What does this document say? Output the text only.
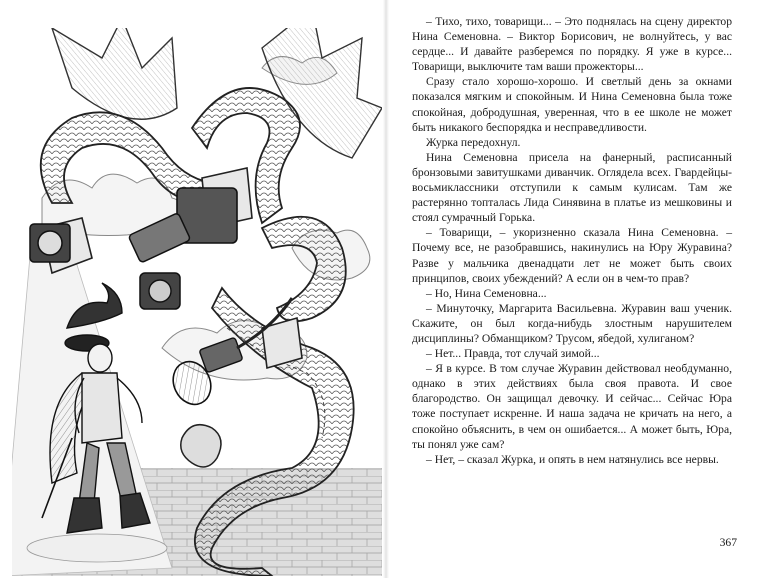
– Тихо, тихо, товарищи... – Это поднялась на сцену директор Нина Семеновна. – Виктор Борисович, не волнуйтесь, у вас сердце... И давайте разберемся по порядку. Я уже в курсе... Товарищи, выключите там ваши прожекторы...

Сразу стало хорошо-хорошо. И светлый день за окнами показался мягким и спокойным. И Нина Семеновна была тоже спокойная, добродушная, уверенная, что в ее школе не может быть никакого беспорядка и несправедливости.

Журка передохнул.

Нина Семеновна присела на фанерный, расписанный бронзовыми завитушками диванчик. Оглядела всех. Гвардейцы-восьмиклассники отступили к самым кулисам. Там же растерянно топталась Лида Синявина в платье из мешковины и стоял сумрачный Горька.

– Товарищи, – укоризненно сказала Нина Семеновна. – Почему все, не разобравшись, накинулись на Юру Журавина? Разве у мальчика двенадцати лет не может быть своих принципов, своих убеждений? А если он в чем-то прав?

– Но, Нина Семеновна...

– Минуточку, Маргарита Васильевна. Журавин ваш ученик. Скажите, он был когда-нибудь злостным нарушителем дисциплины? Обманщиком? Трусом, ябедой, хулиганом?

– Нет... Правда, тот случай зимой...

– Я в курсе. В том случае Журавин действовал необдуманно, однако в этих действиях была своя правота. И свое благородство. Он защищал девочку. И сейчас... Сейчас Юра тоже поступает искренне. И наша задача не кричать на него, а спокойно объяснить, в чем он ошибается... А может быть, Юра, ты понял уже сам?

– Нет, – сказал Журка, и опять в нем натянулись все нервы.

367
